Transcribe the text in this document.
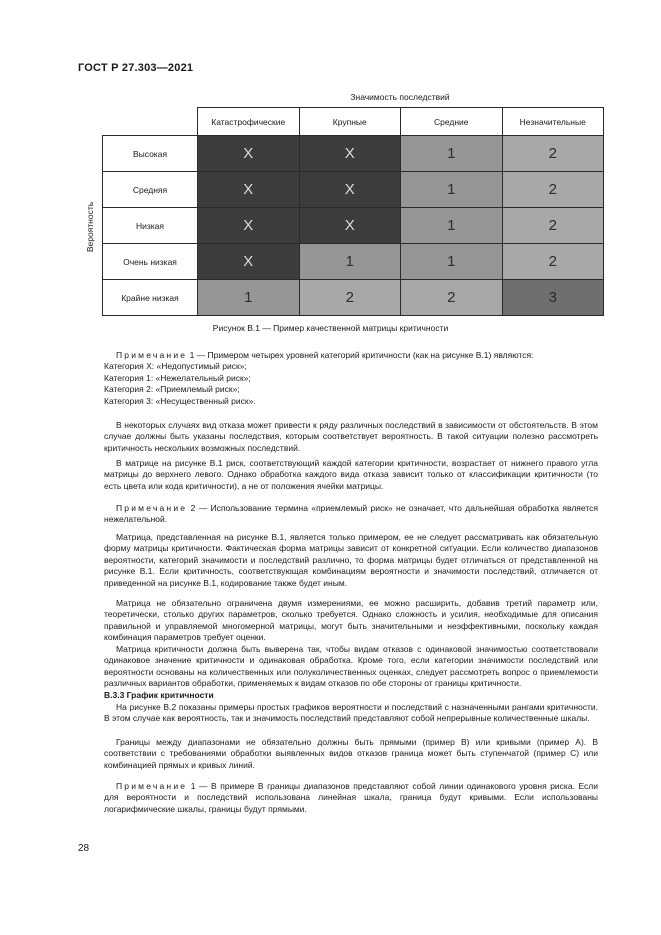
ГОСТ Р 27.303—2021
Значимость последствий
Вероятность
	Катастрофические	Крупные	Средние	Незначительные
Высокая	X	X	1	2
Средняя	X	X	1	2
Низкая	X	X	1	2
Очень низкая	X	1	1	2
Крайне низкая	1	2	2	3
Рисунок В.1 — Пример качественной матрицы критичности
Примечание 1 — Примером четырех уровней категорий критичности (как на рисунке В.1) являются:
Категория X: «Недопустимый риск»;
Категория 1: «Нежелательный риск»;
Категория 2: «Приемлемый риск»;
Категория 3: «Несущественный риск».
В некоторых случаях вид отказа может привести к ряду различных последствий в зависимости от обстоятельств. В этом случае должны быть указаны последствия, которым соответствует вероятность. В такой ситуации полезно рассмотреть критичность нескольких возможных последствий.
В матрице на рисунке В.1 риск, соответствующий каждой категории критичности, возрастает от нижнего правого угла матрицы до верхнего левого. Однако обработка каждого вида отказа зависит только от классификации критичности (то есть цвета или кода критичности), а не от положения ячейки матрицы.
Примечание 2 — Использование термина «приемлемый риск» не означает, что дальнейшая обработка является нежелательной.
Матрица, представленная на рисунке В.1, является только примером, ее не следует рассматривать как обязательную форму матрицы критичности. Фактическая форма матрицы зависит от конкретной ситуации. Если количество диапазонов вероятности, категорий значимости и последствий различно, то форма матрицы будет отличаться от представленной на рисунке В.1. Если критичность, соответствующая комбинациям вероятности и значимости последствий, отличается от приведенной на рисунке В.1, кодирование также будет иным.
Матрица не обязательно ограничена двумя измерениями, ее можно расширить, добавив третий параметр или, теоретически, столько других параметров, сколько требуется. Однако сложность и усилия, необходимые для описания правильной и управляемой многомерной матрицы, могут быть значительными и неэффективными, поскольку каждая комбинация параметров требует оценки.
Матрица критичности должна быть выверена так, чтобы видам отказов с одинаковой значимостью соответствовали одинаковое значение критичности и одинаковая обработка. Кроме того, если категории значимости последствий или вероятности основаны на количественных или полуколичественных оценках, следует рассмотреть вопрос о приемлемости различных вариантов обработки, применяемых к видам отказов по обе стороны от границы критичности.
В.3.3 График критичности
На рисунке В.2 показаны примеры простых графиков вероятности и последствий с назначенными рангами критичности. В этом случае как вероятность, так и значимость последствий представляют собой непрерывные количественные шкалы.
Границы между диапазонами не обязательно должны быть прямыми (пример В) или кривыми (пример А). В соответствии с требованиями обработки выявленных видов отказов граница может быть ступенчатой (пример С) или комбинацией прямых и кривых линий.
Примечание 1 — В примере В границы диапазонов представляют собой линии одинакового уровня риска. Если для вероятности и последствий использована линейная шкала, граница будут кривыми. Если использованы логарифмические шкалы, границы будут прямыми.
28
